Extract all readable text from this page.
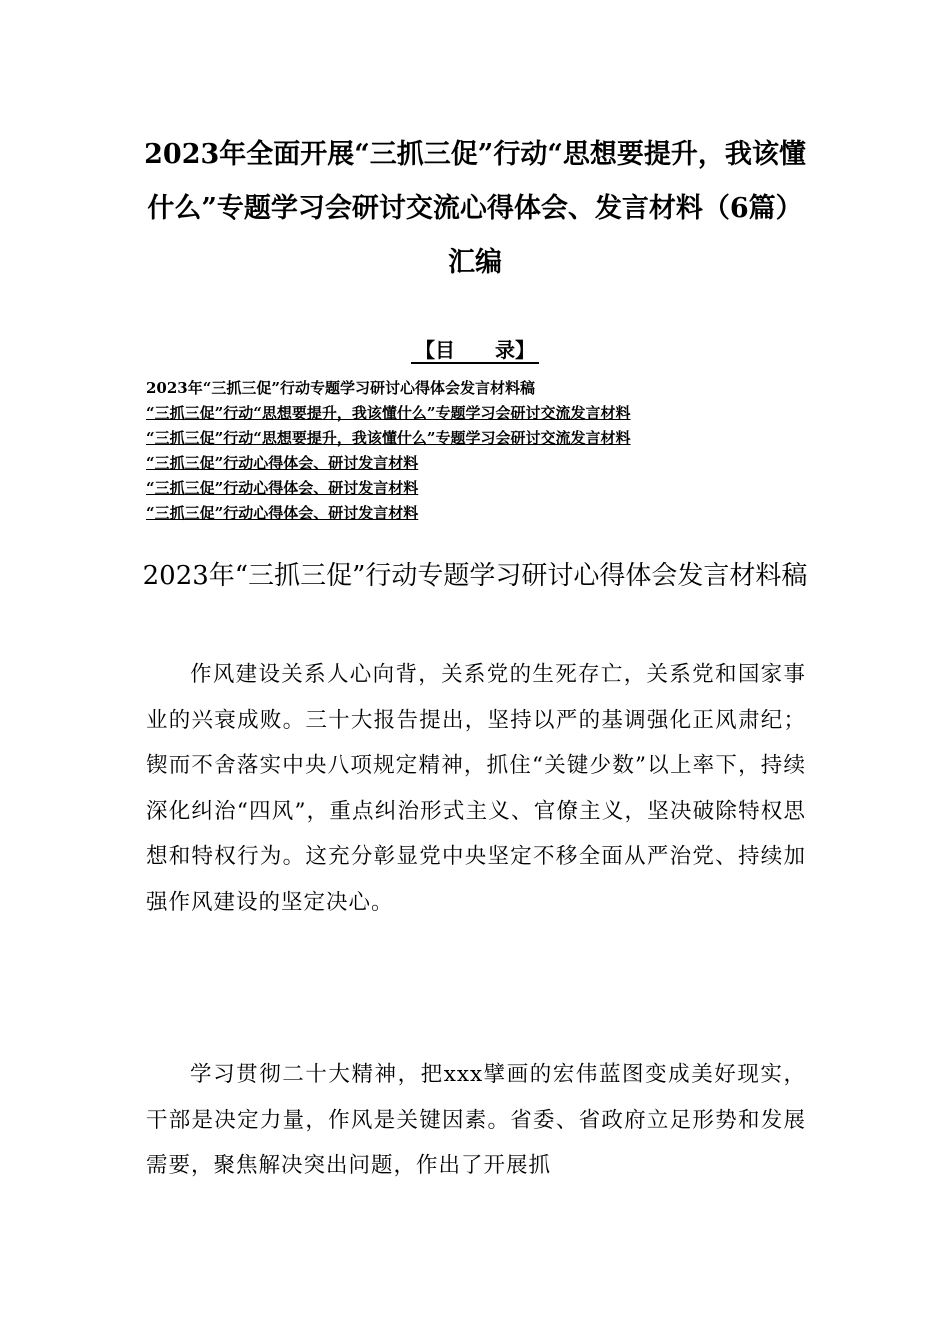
2023年全面开展“三抓三促”行动“思想要提升，我该懂什么”专题学习会研讨交流心得体会、发言材料（6篇）汇编
【目　　录】
2023年“三抓三促”行动专题学习研讨心得体会发言材料稿
“三抓三促”行动“思想要提升，我该懂什么”专题学习会研讨交流发言材料
“三抓三促”行动“思想要提升，我该懂什么”专题学习会研讨交流发言材料
“三抓三促”行动心得体会、研讨发言材料
“三抓三促”行动心得体会、研讨发言材料
“三抓三促”行动心得体会、研讨发言材料
2023年“三抓三促”行动专题学习研讨心得体会发言材料稿

作风建设关系人心向背，关系党的生死存亡，关系党和国家事业的兴衰成败。三十大报告提出，坚持以严的基调强化正风肃纪；锲而不舍落实中央八项规定精神，抓住“关键少数”以上率下，持续深化纠治“四风”，重点纠治形式主义、官僚主义，坚决破除特权思想和特权行为。这充分彰显党中央坚定不移全面从严治党、持续加强作风建设的坚定决心。

学习贯彻二十大精神，把xxx擘画的宏伟蓝图变成美好现实，干部是决定力量，作风是关键因素。省委、省政府立足形势和发展需要，聚焦解决突出问题，作出了开展抓
